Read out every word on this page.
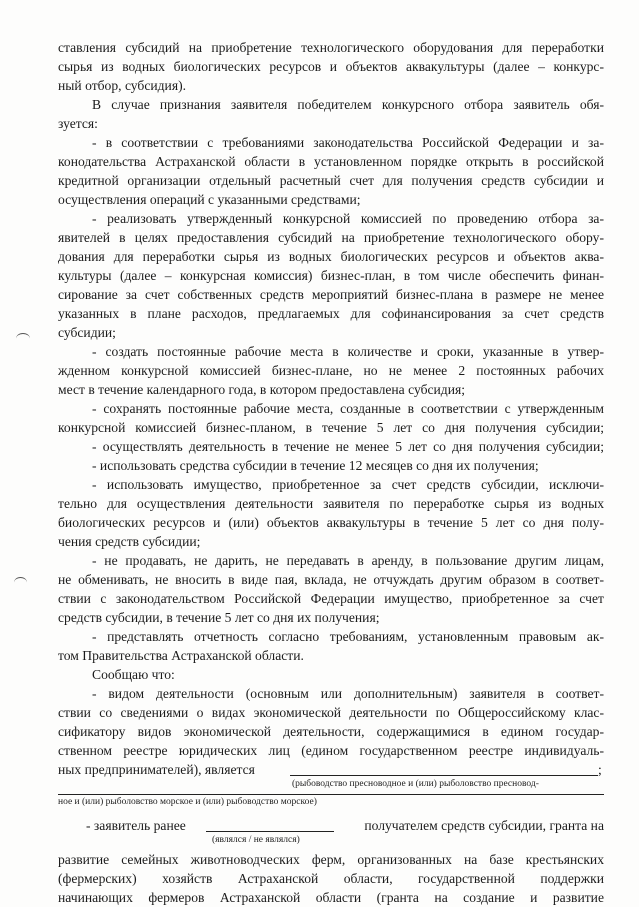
ставления субсидий на приобретение технологического оборудования для переработки
сырья из водных биологических ресурсов и объектов аквакультуры (далее – конкурс-
ный отбор, субсидия).
В случае признания заявителя победителем конкурсного отбора заявитель обя-
зуется:
- в соответствии с требованиями законодательства Российской Федерации и за-
конодательства Астраханской области в установленном порядке открыть в российской
кредитной организации отдельный расчетный счет для получения средств субсидии и
осуществления операций с указанными средствами;
- реализовать утвержденный конкурсной комиссией по проведению отбора за-
явителей в целях предоставления субсидий на приобретение технологического обору-
дования для переработки сырья из водных биологических ресурсов и объектов аква-
культуры (далее – конкурсная комиссия) бизнес-план, в том числе обеспечить финан-
сирование за счет собственных средств мероприятий бизнес-плана в размере не менее
указанных в плане расходов, предлагаемых для софинансирования за счет средств
субсидии;
- создать постоянные рабочие места в количестве и сроки, указанные в утвер-
жденном конкурсной комиссией бизнес-плане, но не менее 2 постоянных рабочих
мест в течение календарного года, в котором предоставлена субсидия;
- сохранять постоянные рабочие места, созданные в соответствии с утвержденным
конкурсной комиссией бизнес-планом, в течение 5 лет со дня получения субсидии;
- осуществлять деятельность в течение не менее 5 лет со дня получения субсидии;
- использовать средства субсидии в течение 12 месяцев со дня их получения;
- использовать имущество, приобретенное за счет средств субсидии, исключи-
тельно для осуществления деятельности заявителя по переработке сырья из водных
биологических ресурсов и (или) объектов аквакультуры в течение 5 лет со дня полу-
чения средств субсидии;
- не продавать, не дарить, не передавать в аренду, в пользование другим лицам,
не обменивать, не вносить в виде пая, вклада, не отчуждать другим образом в соответ-
ствии с законодательством Российской Федерации имущество, приобретенное за счет
средств субсидии, в течение 5 лет со дня их получения;
- представлять отчетность согласно требованиям, установленным правовым ак-
том Правительства Астраханской области.
Сообщаю что:
- видом деятельности (основным или дополнительным) заявителя в соответ-
ствии со сведениями о видах экономической деятельности по Общероссийскому клас-
сификатору видов экономической деятельности, содержащимися в едином государ-
ственном реестре юридических лиц (едином государственном реестре индивидуаль-
ных предпринимателей), является	;
(рыбоводство пресноводное и (или) рыболовство пресновод-
ное и (или) рыболовство морское и (или) рыбоводство морское)
- заявитель ранее	получателем средств субсидии, гранта на
(являлся / не являлся)
развитие семейных животноводческих ферм, организованных на базе крестьянских
(фермерских) хозяйств Астраханской области, государственной поддержки
начинающих фермеров Астраханской области (гранта на создание и развитие
